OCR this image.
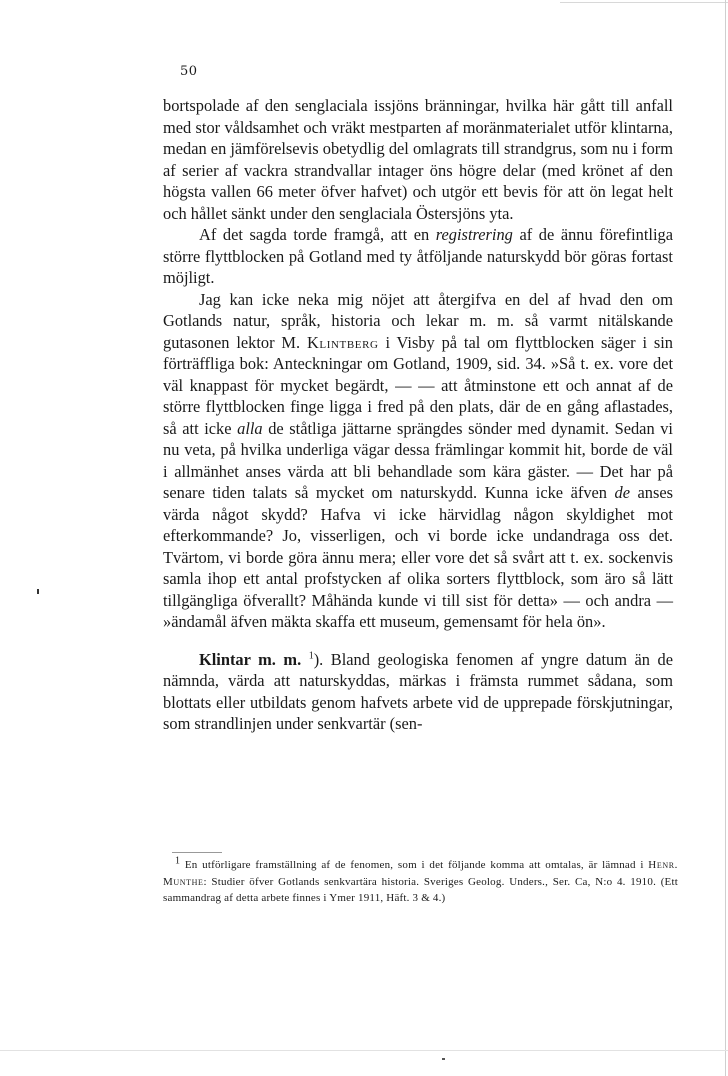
50

bortspolade af den senglaciala issjöns bränningar, hvilka här gått till anfall med stor våldsamhet och vräkt mestparten af moränmaterialet utför klintarna, medan en jämförelsevis obetydlig del omlagrats till strandgrus, som nu i form af serier af vackra strandvallar intager öns högre delar (med krönet af den högsta vallen 66 meter öfver hafvet) och utgör ett bevis för att ön legat helt och hållet sänkt under den senglaciala Östersjöns yta.

Af det sagda torde framgå, att en registrering af de ännu förefintliga större flyttblocken på Gotland med ty åtföljande naturskydd bör göras fortast möjligt.

Jag kan icke neka mig nöjet att återgifva en del af hvad den om Gotlands natur, språk, historia och lekar m. m. så varmt nitälskande gutasonen lektor M. Klintberg i Visby på tal om flyttblocken säger i sin förträffliga bok: Anteckningar om Gotland, 1909, sid. 34. »Så t. ex. vore det väl knappast för mycket begärdt, — — att åtminstone ett och annat af de större flyttblocken finge ligga i fred på den plats, där de en gång aflastades, så att icke alla de ståtliga jättarne sprängdes sönder med dynamit. Sedan vi nu veta, på hvilka underliga vägar dessa främlingar kommit hit, borde de väl i allmänhet anses värda att bli behandlade som kära gäster. — Det har på senare tiden talats så mycket om naturskydd. Kunna icke äfven de anses värda något skydd? Hafva vi icke härvidlag någon skyldighet mot efterkommande? Jo, visserligen, och vi borde icke undandraga oss det. Tvärtom, vi borde göra ännu mera; eller vore det så svårt att t. ex. sockenvis samla ihop ett antal profstycken af olika sorters flyttblock, som äro så lätt tillgängliga öfverallt? Måhända kunde vi till sist för detta» — och andra — »ändamål äfven mäkta skaffa ett museum, gemensamt för hela ön».

Klintar m. m. $^1$). Bland geologiska fenomen af yngre datum än de nämnda, värda att naturskyddas, märkas i främsta rummet sådana, som blottats eller utbildats genom hafvets arbete vid de upprepade förskjutningar, som strandlinjen under senkvartär (sen-

$^1$ En utförligare framställning af de fenomen, som i det följande komma att omtalas, är lämnad i Henr. Munthe: Studier öfver Gotlands senkvartära historia. Sveriges Geolog. Unders., Ser. Ca, N:o 4. 1910. (Ett sammandrag af detta arbete finnes i Ymer 1911, Häft. 3 & 4.)
